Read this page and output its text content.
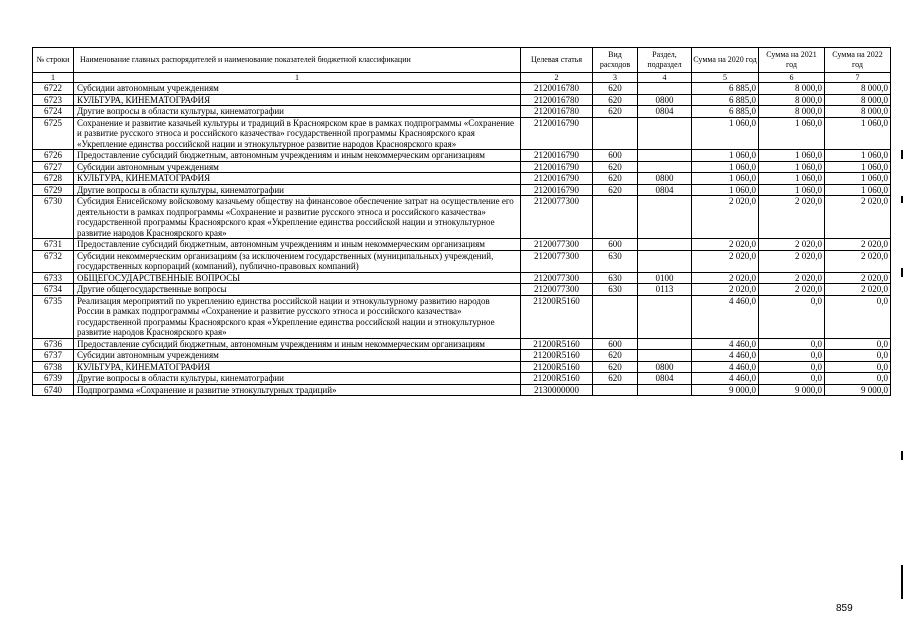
№ строки	Наименование главных распорядителей и наименование показателей бюджетной классификации	Целевая статья	Вид расходов	Раздел, подраздел	Сумма на 2020 год	Сумма на 2021 год	Сумма на 2022 год
1	1	2	3	4	5	6	7
6722	Субсидии автономным учреждениям	2120016780	620		6 885,0	8 000,0	8 000,0
6723	КУЛЬТУРА, КИНЕМАТОГРАФИЯ	2120016780	620	0800	6 885,0	8 000,0	8 000,0
6724	Другие вопросы в области культуры, кинематографии	2120016780	620	0804	6 885,0	8 000,0	8 000,0
6725	Сохранение и развитие казачьей культуры и традиций в Красноярском крае в рамках подпрограммы «Сохранение и развитие русского этноса и российского казачества» государственной программы Красноярского края «Укрепление единства российской нации и этнокультурное развитие народов Красноярского края»	2120016790			1 060,0	1 060,0	1 060,0
6726	Предоставление субсидий бюджетным, автономным учреждениям и иным некоммерческим организациям	2120016790	600		1 060,0	1 060,0	1 060,0
6727	Субсидии автономным учреждениям	2120016790	620		1 060,0	1 060,0	1 060,0
6728	КУЛЬТУРА, КИНЕМАТОГРАФИЯ	2120016790	620	0800	1 060,0	1 060,0	1 060,0
6729	Другие вопросы в области культуры, кинематографии	2120016790	620	0804	1 060,0	1 060,0	1 060,0
6730	Субсидия Енисейскому войсковому казачьему обществу на финансовое обеспечение затрат на осуществление его деятельности в рамках подпрограммы «Сохранение и развитие русского этноса и российского казачества» государственной программы Красноярского края «Укрепление единства российской нации и этнокультурное развитие народов Красноярского края»	2120077300			2 020,0	2 020,0	2 020,0
6731	Предоставление субсидий бюджетным, автономным учреждениям и иным некоммерческим организациям	2120077300	600		2 020,0	2 020,0	2 020,0
6732	Субсидии некоммерческим организациям (за исключением государственных (муниципальных) учреждений, государственных корпораций (компаний), публично-правовых компаний)	2120077300	630		2 020,0	2 020,0	2 020,0
6733	ОБЩЕГОСУДАРСТВЕННЫЕ ВОПРОСЫ	2120077300	630	0100	2 020,0	2 020,0	2 020,0
6734	Другие общегосударственные вопросы	2120077300	630	0113	2 020,0	2 020,0	2 020,0
6735	Реализация мероприятий по укреплению единства российской нации и этнокультурному развитию народов России в рамках подпрограммы «Сохранение и развитие русского этноса и российского казачества» государственной программы Красноярского края «Укрепление единства российской нации и этнокультурное развитие народов Красноярского края»	21200R5160			4 460,0	0,0	0,0
6736	Предоставление субсидий бюджетным, автономным учреждениям и иным некоммерческим организациям	21200R5160	600		4 460,0	0,0	0,0
6737	Субсидии автономным учреждениям	21200R5160	620		4 460,0	0,0	0,0
6738	КУЛЬТУРА, КИНЕМАТОГРАФИЯ	21200R5160	620	0800	4 460,0	0,0	0,0
6739	Другие вопросы в области культуры, кинематографии	21200R5160	620	0804	4 460,0	0,0	0,0
6740	Подпрограмма «Сохранение и развитие этнокультурных традиций»	2130000000			9 000,0	9 000,0	9 000,0
859
